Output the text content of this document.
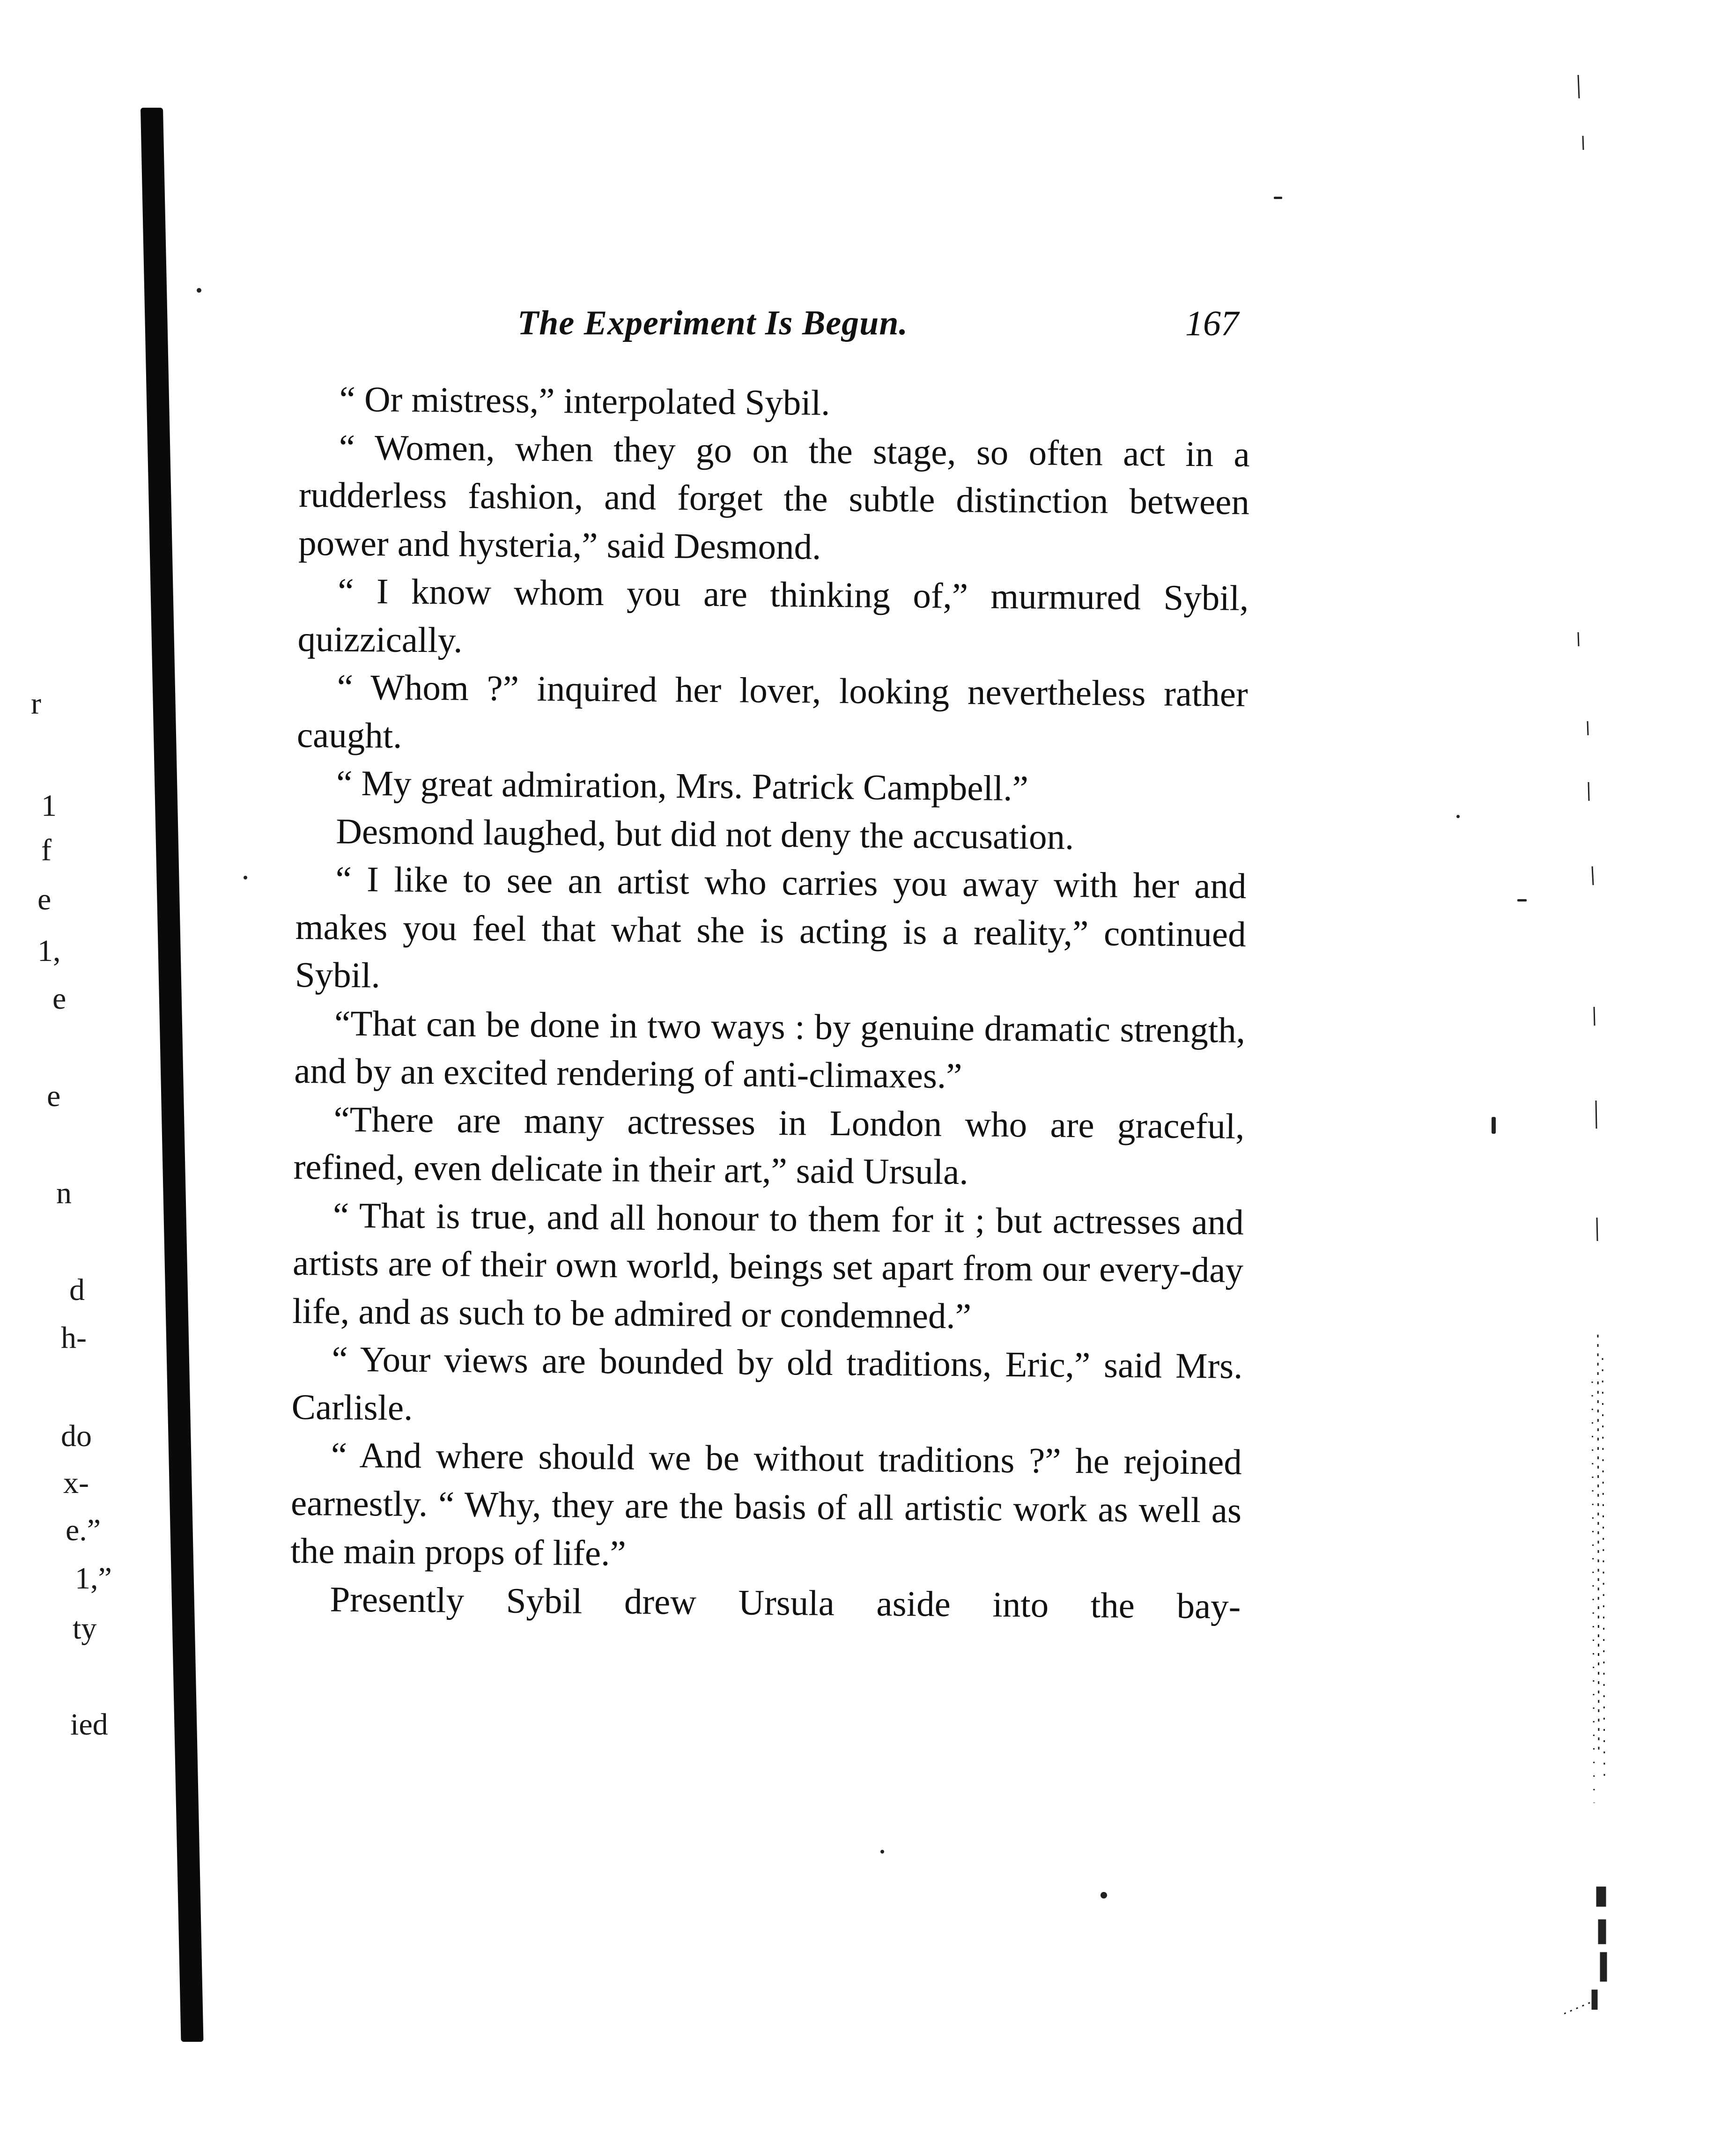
r
1
f
e
1,
e
e
n
d
h-
do
x-
e.”
1,”
ty
ied
The Experiment Is Begun.	167

“ Or mistress,” interpolated Sybil.

“ Women, when they go on the stage, so often act in a rudderless fashion, and forget the subtle distinction between power and hysteria,” said Desmond.

“ I know whom you are thinking of,” murmured Sybil, quizzically.

“ Whom ?” inquired her lover, looking nevertheless rather caught.

“ My great admiration, Mrs. Patrick Campbell.”

Desmond laughed, but did not deny the accusation.

“ I like to see an artist who carries you away with her and makes you feel that what she is acting is a reality,” continued Sybil.

“That can be done in two ways : by genuine dramatic strength, and by an excited rendering of anti-climaxes.”

“There are many actresses in London who are graceful, refined, even delicate in their art,” said Ursula.

“ That is true, and all honour to them for it ; but actresses and artists are of their own world, beings set apart from our every-day life, and as such to be admired or condemned.”

“ Your views are bounded by old traditions, Eric,” said Mrs. Carlisle.

“ And where should we be without traditions ?” he rejoined earnestly. “ Why, they are the basis of all artistic work as well as the main props of life.”

Presently Sybil drew Ursula aside into the bay-
